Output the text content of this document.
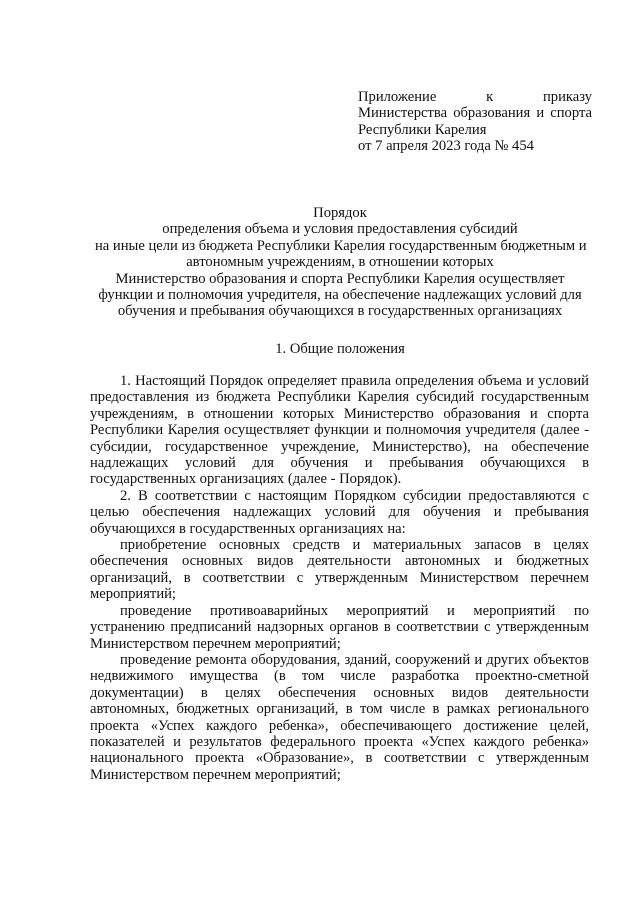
Приложение к приказу
Министерства образования и спорта
Республики Карелия
от 7 апреля 2023 года № 454
Порядок
определения объема и условия предоставления субсидий
на иные цели из бюджета Республики Карелия государственным бюджетным и
автономным учреждениям, в отношении которых
Министерство образования и спорта Республики Карелия осуществляет
функции и полномочия учредителя, на обеспечение надлежащих условий для
обучения и пребывания обучающихся в государственных организациях
1. Общие положения

1. Настоящий Порядок определяет правила определения объема и условий предоставления из бюджета Республики Карелия субсидий государственным учреждениям, в отношении которых Министерство образования и спорта Республики Карелия осуществляет функции и полномочия учредителя (далее - субсидии, государственное учреждение, Министерство), на обеспечение надлежащих условий для обучения и пребывания обучающихся в государственных организациях (далее - Порядок).

2. В соответствии с настоящим Порядком субсидии предоставляются с целью обеспечения надлежащих условий для обучения и пребывания обучающихся в государственных организациях на:

приобретение основных средств и материальных запасов в целях обеспечения основных видов деятельности автономных и бюджетных организаций, в соответствии с утвержденным Министерством перечнем мероприятий;

проведение противоаварийных мероприятий и мероприятий по устранению предписаний надзорных органов в соответствии с утвержденным Министерством перечнем мероприятий;

проведение ремонта оборудования, зданий, сооружений и других объектов недвижимого имущества (в том числе разработка проектно-сметной документации) в целях обеспечения основных видов деятельности автономных, бюджетных организаций, в том числе в рамках регионального проекта «Успех каждого ребенка», обеспечивающего достижение целей, показателей и результатов федерального проекта «Успех каждого ребенка» национального проекта «Образование», в соответствии с утвержденным Министерством перечнем мероприятий;
